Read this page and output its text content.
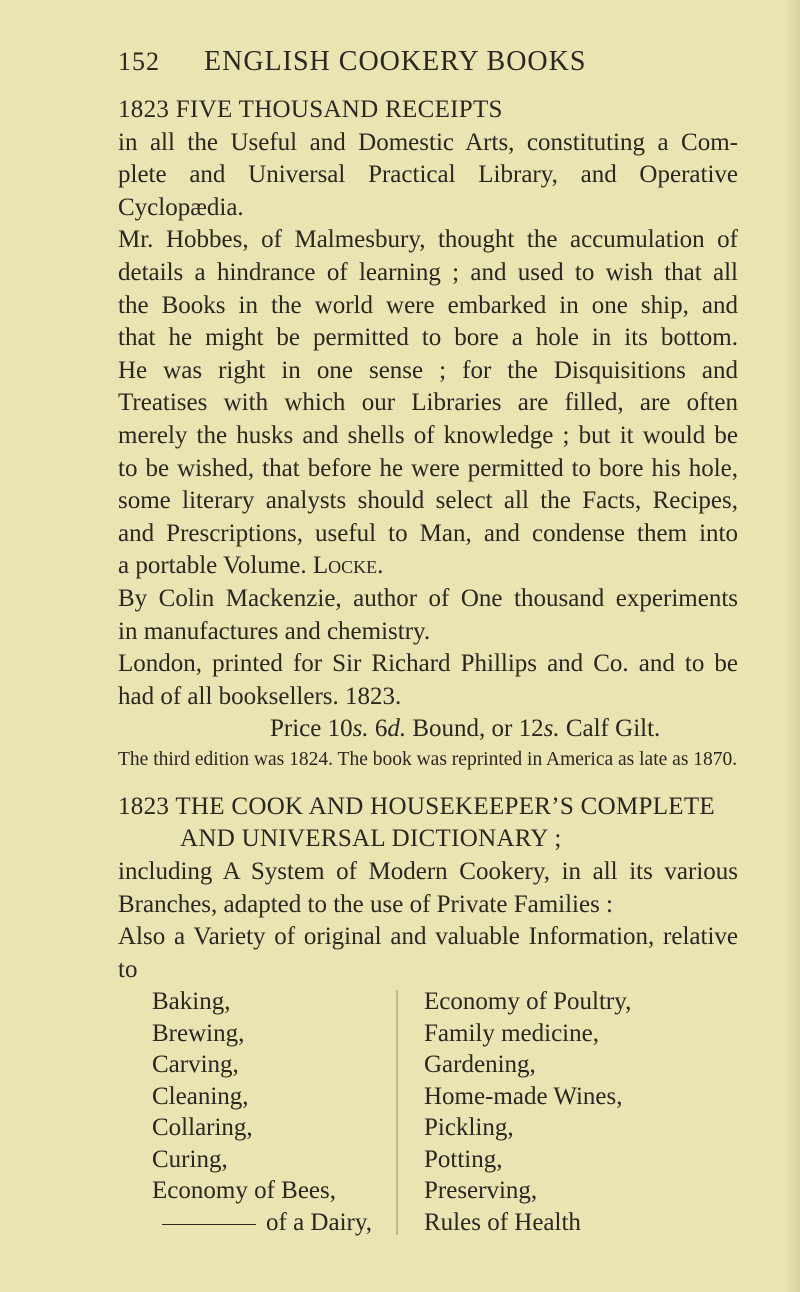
152	ENGLISH COOKERY BOOKS

1823 FIVE THOUSAND RECEIPTS

in all the Useful and Domestic Arts, constituting a Com-

plete and Universal Practical Library, and Operative

Cyclopædia.

Mr. Hobbes, of Malmesbury, thought the accumulation of

details a hindrance of learning ; and used to wish that all

the Books in the world were embarked in one ship, and

that he might be permitted to bore a hole in its bottom.

He was right in one sense ; for the Disquisitions and

Treatises with which our Libraries are filled, are often

merely the husks and shells of knowledge ; but it would be

to be wished, that before he were permitted to bore his hole,

some literary analysts should select all the Facts, Recipes,

and Prescriptions, useful to Man, and condense them into

a portable Volume. Locke.

By Colin Mackenzie, author of One thousand experiments

in manufactures and chemistry.

London, printed for Sir Richard Phillips and Co. and to be

had of all booksellers. 1823.

Price 10s. 6d. Bound, or 12s. Calf Gilt.

The third edition was 1824. The book was reprinted in America as late as 1870.

1823 THE COOK AND HOUSEKEEPER’S COMPLETE

AND UNIVERSAL DICTIONARY ;

including A System of Modern Cookery, in all its various

Branches, adapted to the use of Private Families :

Also a Variety of original and valuable Information, relative

to

Baking,
Brewing,
Carving,
Cleaning,
Collaring,
Curing,
Economy of Bees,
of a Dairy,
Economy of Poultry,
Family medicine,
Gardening,
Home-made Wines,
Pickling,
Potting,
Preserving,
Rules of Health
